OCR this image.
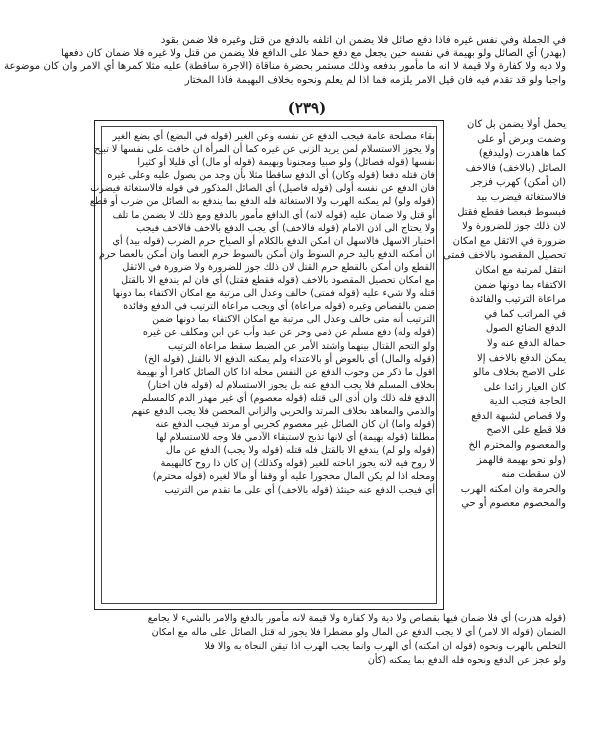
في الجملة وفي نفس غيره فاذا دفع صائل فلا يضمن ان اتلفه بالدفع من قتل وغيره فلا ضمن بقود
(بهدر) أي الصائل ولو بهيمة في نفسه حين يجعل مع دفع حملا على الدافع فلا يضمن من قتل ولا غيره فلا ضمان كان دفعها
ولا ديه ولا كفارة ولا قيمة لا انه ما مأمور بدفعه وذلك مستمر بحضرة مناقاة (الاجرة ساقطة) عليه مثلا كمرها أي الامر وان كان موضوعة
واجبا ولو قد تقدم فيه فان قيل الامر يلزمه فما اذا لم يعلم ونحوه بخلاف البهيمة فاذا المختار
(٢٣٩)
يحمل أولا يضمن بل كان
وضمت وبرض أو على
كما هاهدرت (وليدفع)
الصائل (بالاخف) فالاخف
(ان أمكن) كهرب فزجر
فالاستغاثة فيضرب بيد
فبسوط فبعصا فقطع فقتل
لان ذلك جوز للضرورة ولا
ضرورة في الاثقل مع امكان
تحصيل المقصود بالاخف فمتى
انتقل لمرتبة مع امكان
الاكتفاء بما دونها ضمن
مراعاة الترتيب والفائدة
في المراتب كما في
الدفع الضائع الصول
حمالة الدفع عنه ولا
يمكن الدفع بالاخف إلا
على الاصح بخلاف مالو
كان العيار زائدا على
الحاجة فتجب الدية
ولا قصاص لشبهة الدفع
فلا قطع على الاصح
والمعصوم والمحترم الخ
(ولو نحو بهيمة فالهمز
لان سقطت منه
والحرمة وان امكنه الهرب
والمحصوم معصوم أو حي
بقاء مصلحة عامة فيجب الدفع عن نفسه وعن الغير (قوله في البضع) أي بضع الغير
ولا يجوز الاستسلام لمن يريد الزنى عن غيره كما أن المرأة ان خافت على نفسها لا تبيح
نفسها (قوله فصائل) ولو صبيا ومجنونا وبهيمة (قوله أو مال) أي قليلا أو كثيرا
فان قتله دفعا (قوله وكان) أي الدفع ساقطا مثلا بأن وجد من يصول عليه وعلى غيره
فان الدفع عن نفسه أولى (قوله فاصيل) أي الصائل المذكور في قوله فالاستغاثة فيضرب
(قوله ولو) لم يمكنه الهرب ولا الاستغاثة فله الدفع بما يندفع به الصائل من ضرب أو قطع
أو قتل ولا ضمان عليه (قوله لانه) أي الدافع مأمور بالدفع ومع ذلك لا يضمن ما تلف
ولا يحتاج الى اذن الامام (قوله فالاخف) أي يجب الدفع بالاخف فالاخف فيجب
اختيار الاسهل فالاسهل ان امكن الدفع بالكلام أو الصياح حرم الضرب (قوله بيد) أي
ان أمكنه الدفع باليد حرم السوط وان أمكن بالسوط حرم العصا وان أمكن بالعصا حرم
القطع وان أمكن بالقطع حرم القتل لان ذلك جوز للضرورة ولا ضرورة في الاثقل
مع امكان تحصيل المقصود بالاخف (قوله فقطع فقتل) أي فان لم يندفع الا بالقتل
قتله ولا شيء عليه (قوله فمتى) خالف وعدل الى مرتبة مع امكان الاكتفاء بما دونها
ضمن بالقصاص وغيره (قوله مراعاة) أي ويجب مراعاة الترتيب في الدفع وفائدة
الترتيب أنه متى خالف وعدل الى مرتبة مع امكان الاكتفاء بما دونها ضمن
(قوله وله) دفع مسلم عن ذمي وحر عن عبد وأب عن ابن ومكلف عن غيره
ولو التحم القتال بينهما واشتد الأمر عن الضبط سقط مراعاة الترتيب
(قوله والمال) أي بالعوض أو بالاعتداء ولم يمكنه الدفع الا بالقتل (قوله الخ)
اقول ما ذكر من وجوب الدفع عن النفس محله اذا كان الصائل كافرا أو بهيمة
بخلاف المسلم فلا يجب الدفع عنه بل يجوز الاستسلام له (قوله فان اختار)
الدفع فله ذلك وان أدى الى قتله (قوله معصوم) أي غير مهدر الدم كالمسلم
والذمي والمعاهد بخلاف المرتد والحربي والزاني المحصن فلا يجب الدفع عنهم
(قوله واما) ان كان الصائل غير معصوم كحربي أو مرتد فيجب الدفع عنه
مطلقا (قوله بهيمة) أي لانها تذبح لاستبقاء الآدمي فلا وجه للاستسلام لها
(قوله ولو لم) يندفع الا بالقتل فله قتله (قوله ولا يجب) الدفع عن مال
لا روح فيه لانه يجوز اباحته للغير (قوله وكذلك) إن كان ذا روح كالبهيمة
ومحله اذا لم يكن المال محجورا عليه أو وقفا أو مالا لغيره (قوله محترم)
أي فيجب الدفع عنه حينئذ (قوله بالاخف) أي على ما تقدم من الترتيب
(قوله هدرت) أي فلا ضمان فيها بقصاص ولا دية ولا كفارة ولا قيمة لانه مأمور بالدفع والامر بالشيء لا يجامع
الضمان (قوله الا لامر) أي لا يجب الدفع عن المال ولو مضطرا فلا يجوز له قتل الصائل على ماله مع امكان
التخلص بالهرب ونحوه (قوله ان امكنه) أي الهرب وانما يجب الهرب اذا تيقن النجاة به والا فلا
ولو عجز عن الدفع ونحوه فله الدفع بما يمكنه (كأن
